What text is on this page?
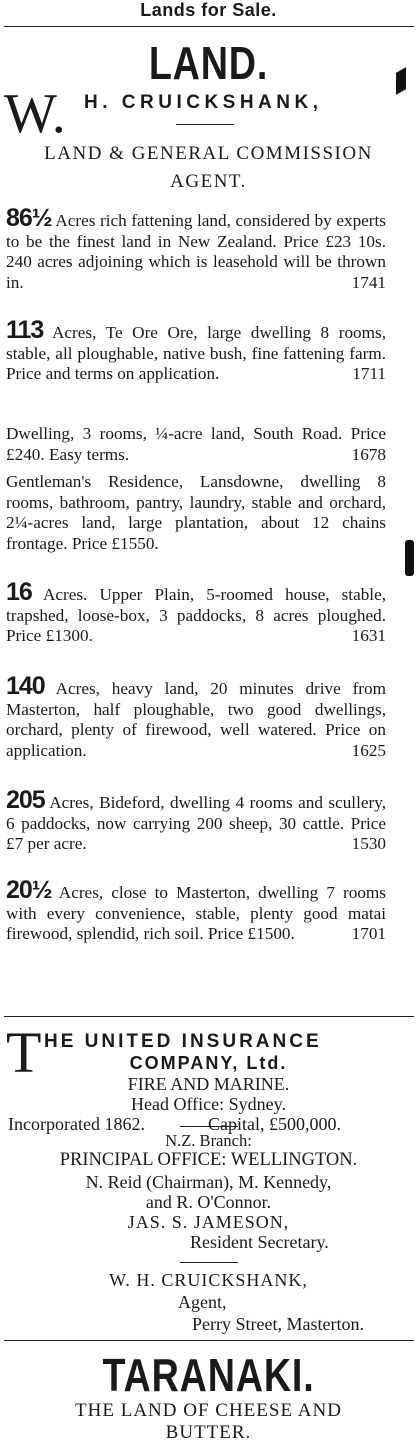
Lands for Sale.
LAND.
W. H. CRUICKSHANK,
LAND & GENERAL COMMISSION
AGENT.
86½ Acres rich fattening land, considered by experts to be the finest land in New Zealand. Price £23 10s. 240 acres adjoining which is leasehold will be thrown in.	1741
113 Acres, Te Ore Ore, large dwelling 8 rooms, stable, all ploughable, native bush, fine fattening farm. Price and terms on application.	1711
Dwelling, 3 rooms, ¼-acre land, South Road. Price £240. Easy terms.	1678
Gentleman's Residence, Lansdowne, dwelling 8 rooms, bathroom, pantry, laundry, stable and orchard, 2¼-acres land, large plantation, about 12 chains frontage. Price £1550.
16 Acres. Upper Plain, 5-roomed house, stable, trapshed, loose-box, 3 paddocks, 8 acres ploughed. Price £1300.	1631
140 Acres, heavy land, 20 minutes drive from Masterton, half ploughable, two good dwellings, orchard, plenty of firewood, well watered. Price on application.	1625
205 Acres, Bideford, dwelling 4 rooms and scullery, 6 paddocks, now carrying 200 sheep, 30 cattle. Price £7 per acre.	1530
20½ Acres, close to Masterton, dwelling 7 rooms with every convenience, stable, plenty good matai firewood, splendid, rich soil. Price £1500.	1701
T HE UNITED INSURANCE
COMPANY, Ltd.
FIRE AND MARINE.
Head Office: Sydney.
Incorporated 1862.	Capital, £500,000.
N.Z. Branch:
PRINCIPAL OFFICE: WELLINGTON.
N. Reid (Chairman), M. Kennedy,
and R. O'Connor.
JAS. S. JAMESON,
Resident Secretary.
W. H. CRUICKSHANK,
Agent,
Perry Street, Masterton.
TARANAKI.
THE LAND OF CHEESE AND
BUTTER.
